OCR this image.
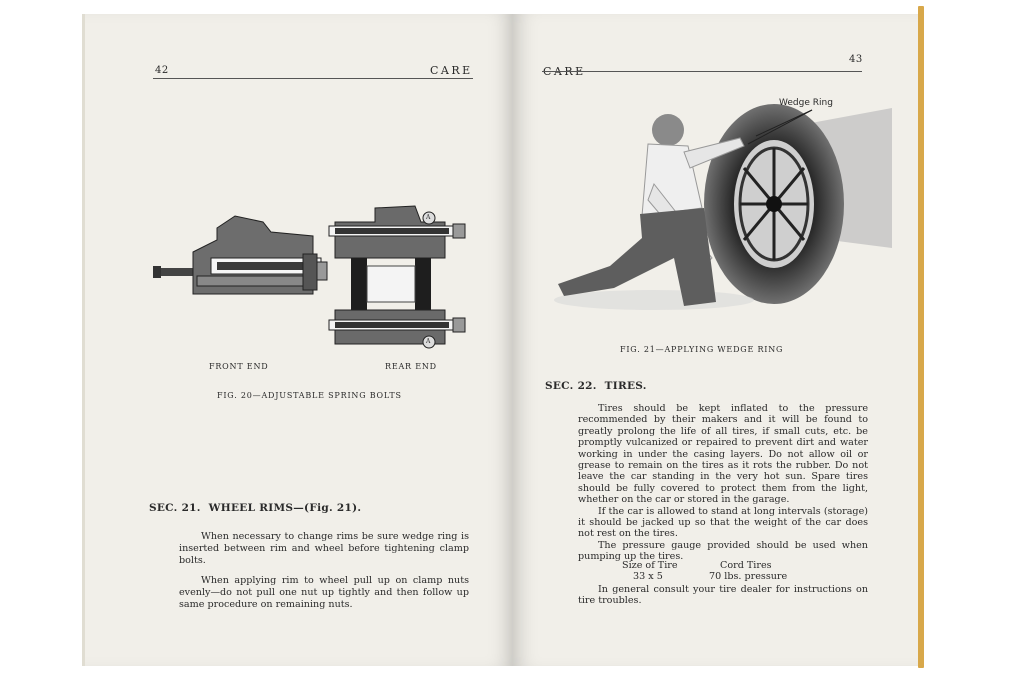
42	CARE
A
A
FRONT END	REAR END
FIG. 20—ADJUSTABLE SPRING BOLTS
SEC. 21.  WHEEL RIMS—(Fig. 21).

When necessary to change rims be sure wedge ring is inserted between rim and wheel before tightening clamp bolts.

When applying rim to wheel pull up on clamp nuts evenly—do not pull one nut up tightly and then follow up same procedure on remaining nuts.

CARE
43
Wedge Ring
FIG. 21—APPLYING WEDGE RING
SEC. 22.  TIRES.

Tires should be kept inflated to the pressure recommended by their makers and it will be found to greatly prolong the life of all tires, if small cuts, etc. be promptly vulcanized or repaired to prevent dirt and water working in under the casing layers. Do not allow oil or grease to remain on the tires as it rots the rubber. Do not leave the car standing in the very hot sun. Spare tires should be fully covered to protect them from the light, whether on the car or stored in the garage.

If the car is allowed to stand at long intervals (storage) it should be jacked up so that the weight of the car does not rest on the tires.

The pressure gauge provided should be used when pumping up the tires.

Size of Tire	Cord Tires
33 x 5	70 lbs. pressure

In general consult your tire dealer for instructions on tire troubles.
